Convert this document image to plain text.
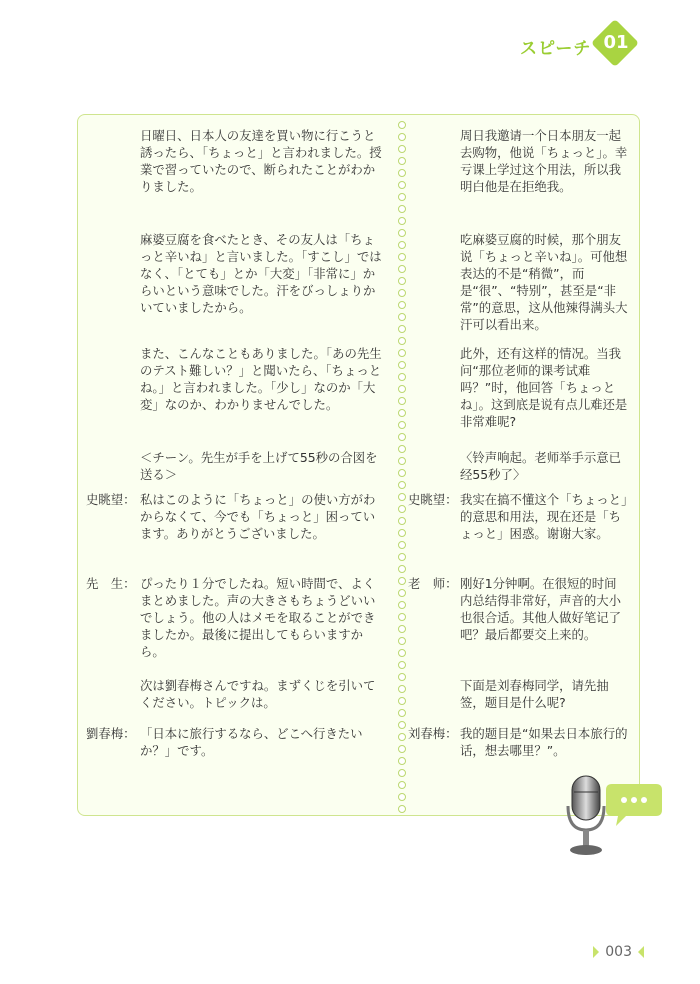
スピーチ 01
日曜日、日本人の友達を買い物に行こうと誘ったら、「ちょっと」と言われました。授業で習っていたので、断られたことがわかりました。
麻婆豆腐を食べたとき、その友人は「ちょっと辛いね」と言いました。「すこし」ではなく、「とても」とか「大変」「非常に」からいという意味でした。汗をびっしょりかいていましたから。
また、こんなこともありました。「あの先生のテスト難しい？」と聞いたら、「ちょっとね。」と言われました。「少し」なのか「大変」なのか、わかりませんでした。
＜チーン。先生が手を上げて55秒の合図を送る＞
史眺望： 私はこのように「ちょっと」の使い方がわからなくて、今でも「ちょっと」困っています。ありがとうございました。
先　生： ぴったり１分でしたね。短い時間で、よくまとめました。声の大きさもちょうどいいでしょう。他の人はメモを取ることができましたか。最後に提出してもらいますから。
次は劉春梅さんですね。まずくじを引いてください。トピックは。
劉春梅： 「日本に旅行するなら、どこへ行きたいか？」です。
周日我邀请一个日本朋友一起去购物，他说「ちょっと」。幸亏课上学过这个用法，所以我明白他是在拒绝我。
吃麻婆豆腐的时候，那个朋友说「ちょっと辛いね」。可他想表达的不是“稍微”，而是“很”、“特别”，甚至是“非常”的意思，这从他辣得满头大汗可以看出来。
此外，还有这样的情况。当我问“那位老师的课考试难吗？”时，他回答「ちょっとね」。这到底是说有点儿难还是非常难呢?
〈铃声响起。老师举手示意已经55秒了〉
史眺望： 我实在搞不懂这个「ちょっと」的意思和用法，现在还是「ちょっと」困惑。谢谢大家。
老　师： 刚好1分钟啊。在很短的时间内总结得非常好，声音的大小也很合适。其他人做好笔记了吧？最后都要交上来的。
下面是刘春梅同学，请先抽签，题目是什么呢?
刘春梅： 我的题目是“如果去日本旅行的话，想去哪里？”。
003
